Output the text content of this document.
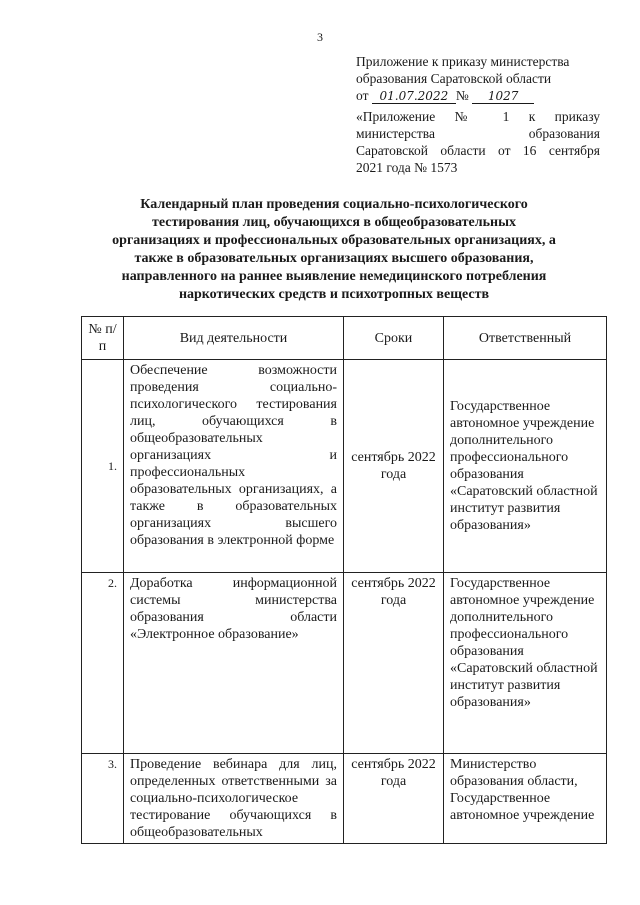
3
Приложение к приказу министерства
образования Саратовской области
от 01.07.2022 № 1027
«Приложение № 1 к приказу
министерства образования
Саратовской области от 16 сентября
2021 года № 1573
Календарный план проведения социально-психологического тестирования лиц, обучающихся в общеобразовательных организациях и профессиональных образовательных организациях, а также в образовательных организациях высшего образования, направленного на раннее выявление немедицинского потребления наркотических средств и психотропных веществ
№ п/п	Вид деятельности	Сроки	Ответственный
1.	Обеспечение возможности проведения социально-психологического тестирования лиц, обучающихся в общеобразовательных организациях и профессиональных образовательных организациях, а также в образовательных организациях высшего образования в электронной форме	сентябрь 2022 года	Государственное автономное учреждение дополнительного профессионального образования «Саратовский областной институт развития образования»
2.	Доработка информационной системы министерства образования области «Электронное образование»	сентябрь 2022 года	Государственное автономное учреждение дополнительного профессионального образования «Саратовский областной институт развития образования»
3.	Проведение вебинара для лиц, определенных ответственными за социально-психологическое тестирование обучающихся в общеобразовательных	сентябрь 2022 года	Министерство образования области, Государственное автономное учреждение
